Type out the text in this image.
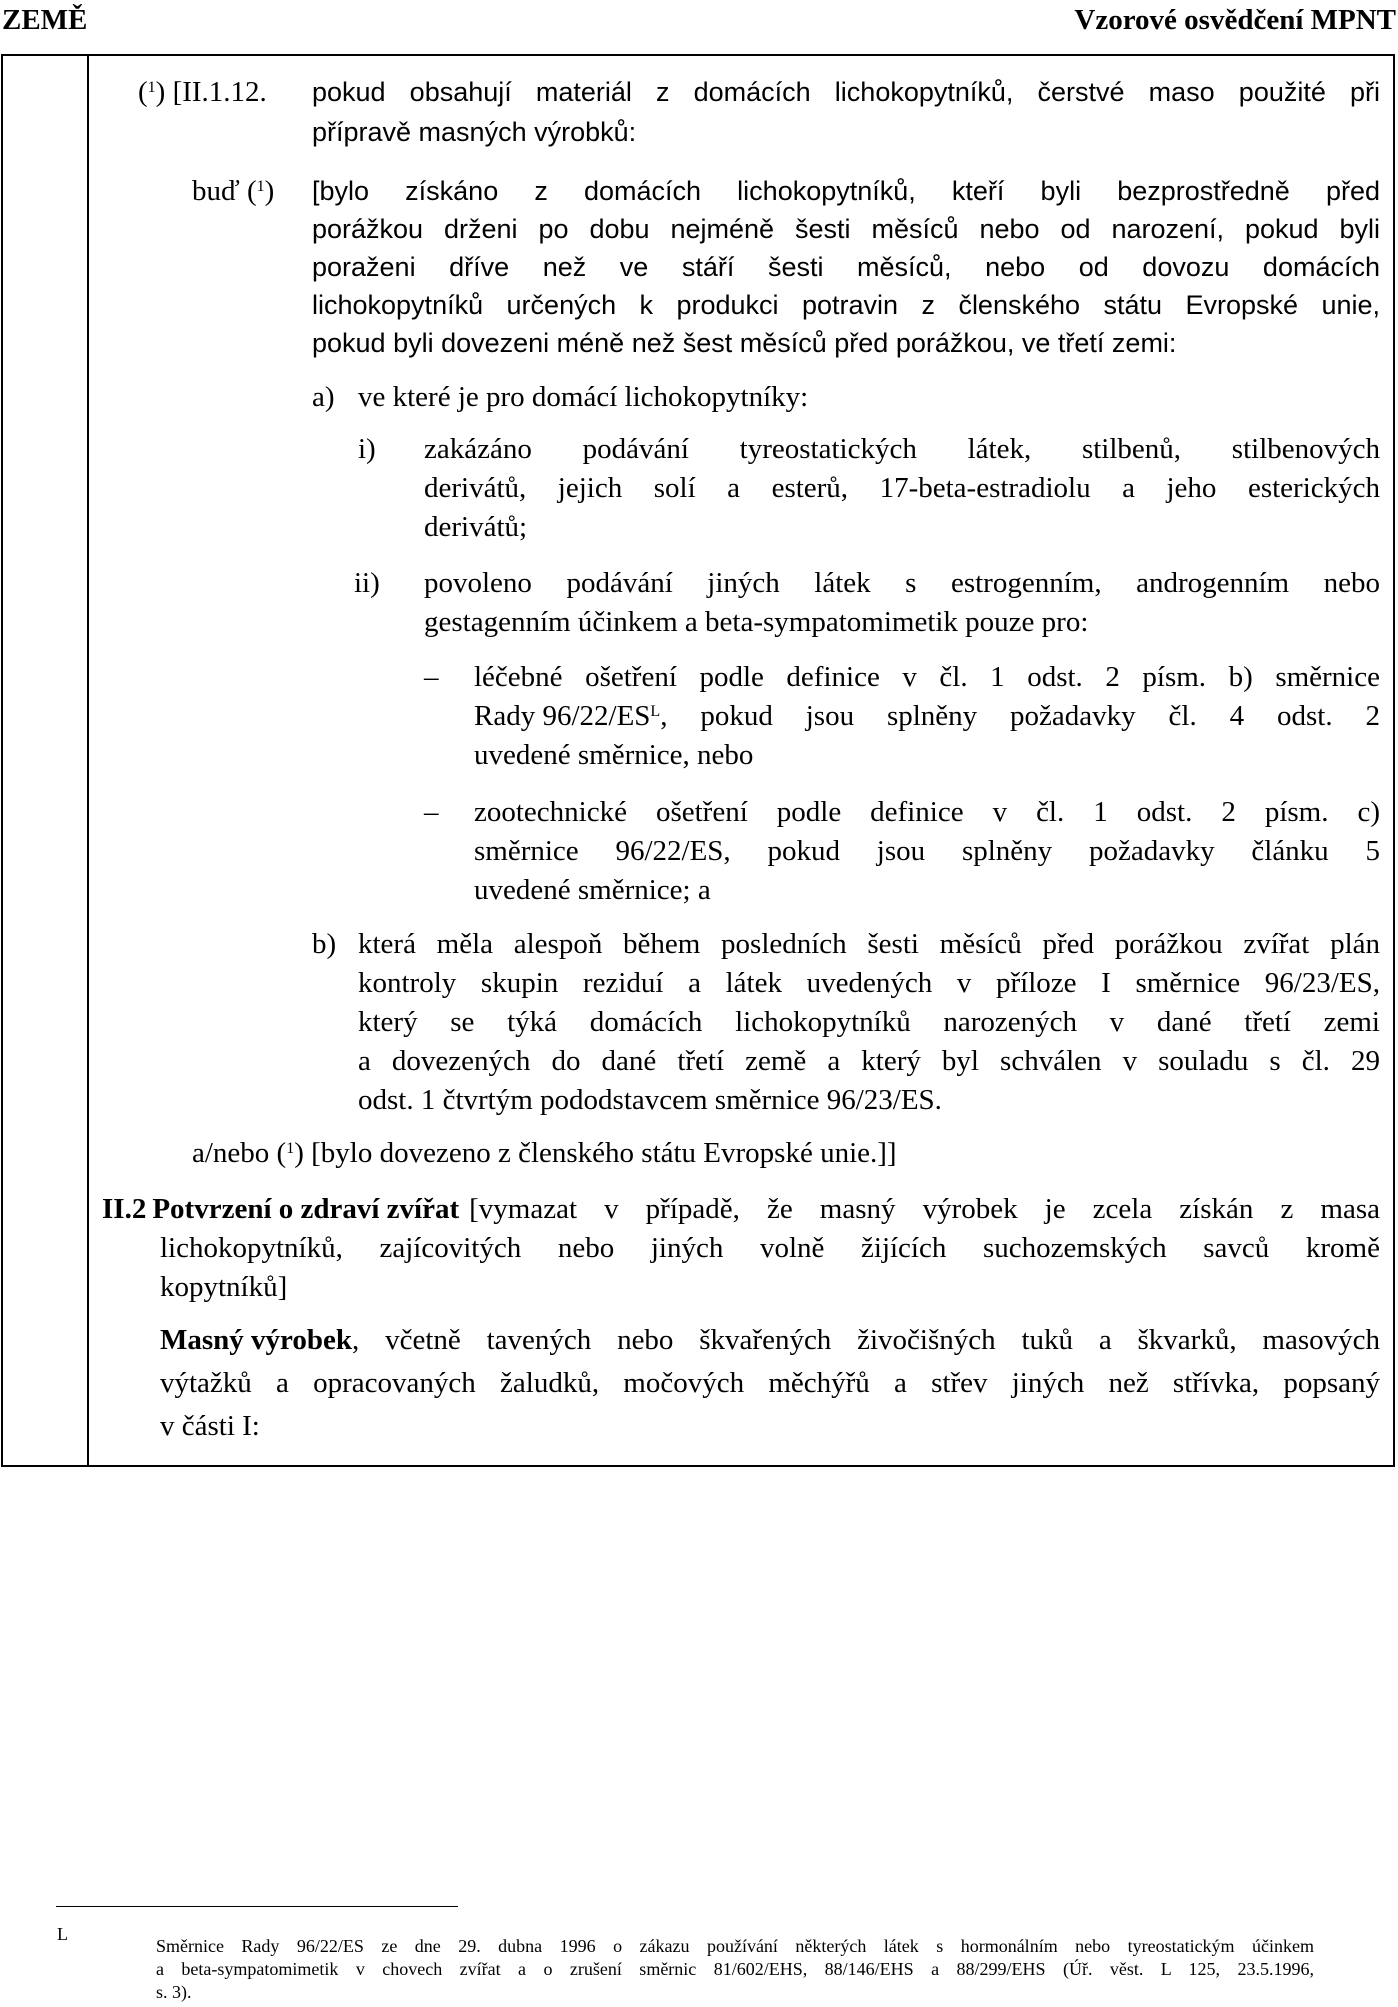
ZEMĚ	Vzorové osvědčení MPNT
($^1$) [II.1.12. pokud obsahují materiál z domácích lichokopytníků, čerstvé maso použité při
přípravě masných výrobků:
buď ($^1$) [bylo získáno z domácích lichokopytníků, kteří byli bezprostředně před
porážkou drženi po dobu nejméně šesti měsíců nebo od narození, pokud byli
poraženi dříve než ve stáří šesti měsíců, nebo od dovozu domácích
lichokopytníků určených k produkci potravin z členského státu Evropské unie,
pokud byli dovezeni méně než šest měsíců před porážkou, ve třetí zemi:
a) ve které je pro domácí lichokopytníky:
i) zakázáno podávání tyreostatických látek, stilbenů, stilbenových
derivátů, jejich solí a esterů, 17-beta-estradiolu a jeho esterických
derivátů;
ii) povoleno podávání jiných látek s estrogenním, androgenním nebo
gestagenním účinkem a beta-sympatomimetik pouze pro:
– léčebné ošetření podle definice v čl. 1 odst. 2 písm. b) směrnice
Rady $96/22/ES^L$ , pokud jsou splněny požadavky čl. 4 odst. 2
uvedené směrnice, nebo
– zootechnické ošetření podle definice v čl. 1 odst. 2 písm. c)
směrnice 96/22/ES, pokud jsou splněny požadavky článku 5
uvedené směrnice; a
b) která měla alespoň během posledních šesti měsíců před porážkou zvířat plán
kontroly skupin reziduí a látek uvedených v příloze I směrnice 96/23/ES,
který se týká domácích lichokopytníků narozených v dané třetí zemi
a dovezených do dané třetí země a který byl schválen v souladu s čl. 29
odst. 1 čtvrtým pododstavcem směrnice 96/23/ES.
a/nebo ($^1$) [bylo dovezeno z členského státu Evropské unie.]]
II.2 Potvrzení o zdraví zvířat [vymazat v případě, že masný výrobek je zcela získán z masa
lichokopytníků, zajícovitých nebo jiných volně žijících suchozemských savců kromě
kopytníků]
Masný výrobek , včetně tavených nebo škvařených živočišných tuků a škvarků, masových
výtažků a opracovaných žaludků, močových měchýřů a střev jiných než střívka, popsaný
v části I:
L
Směrnice Rady 96/22/ES ze dne 29. dubna 1996 o zákazu používání některých látek s hormonálním nebo tyreostatickým účinkem
a beta-sympatomimetik v chovech zvířat a o zrušení směrnic 81/602/EHS, 88/146/EHS a 88/299/EHS (Úř. věst. L 125, 23.5.1996,
s. 3).
